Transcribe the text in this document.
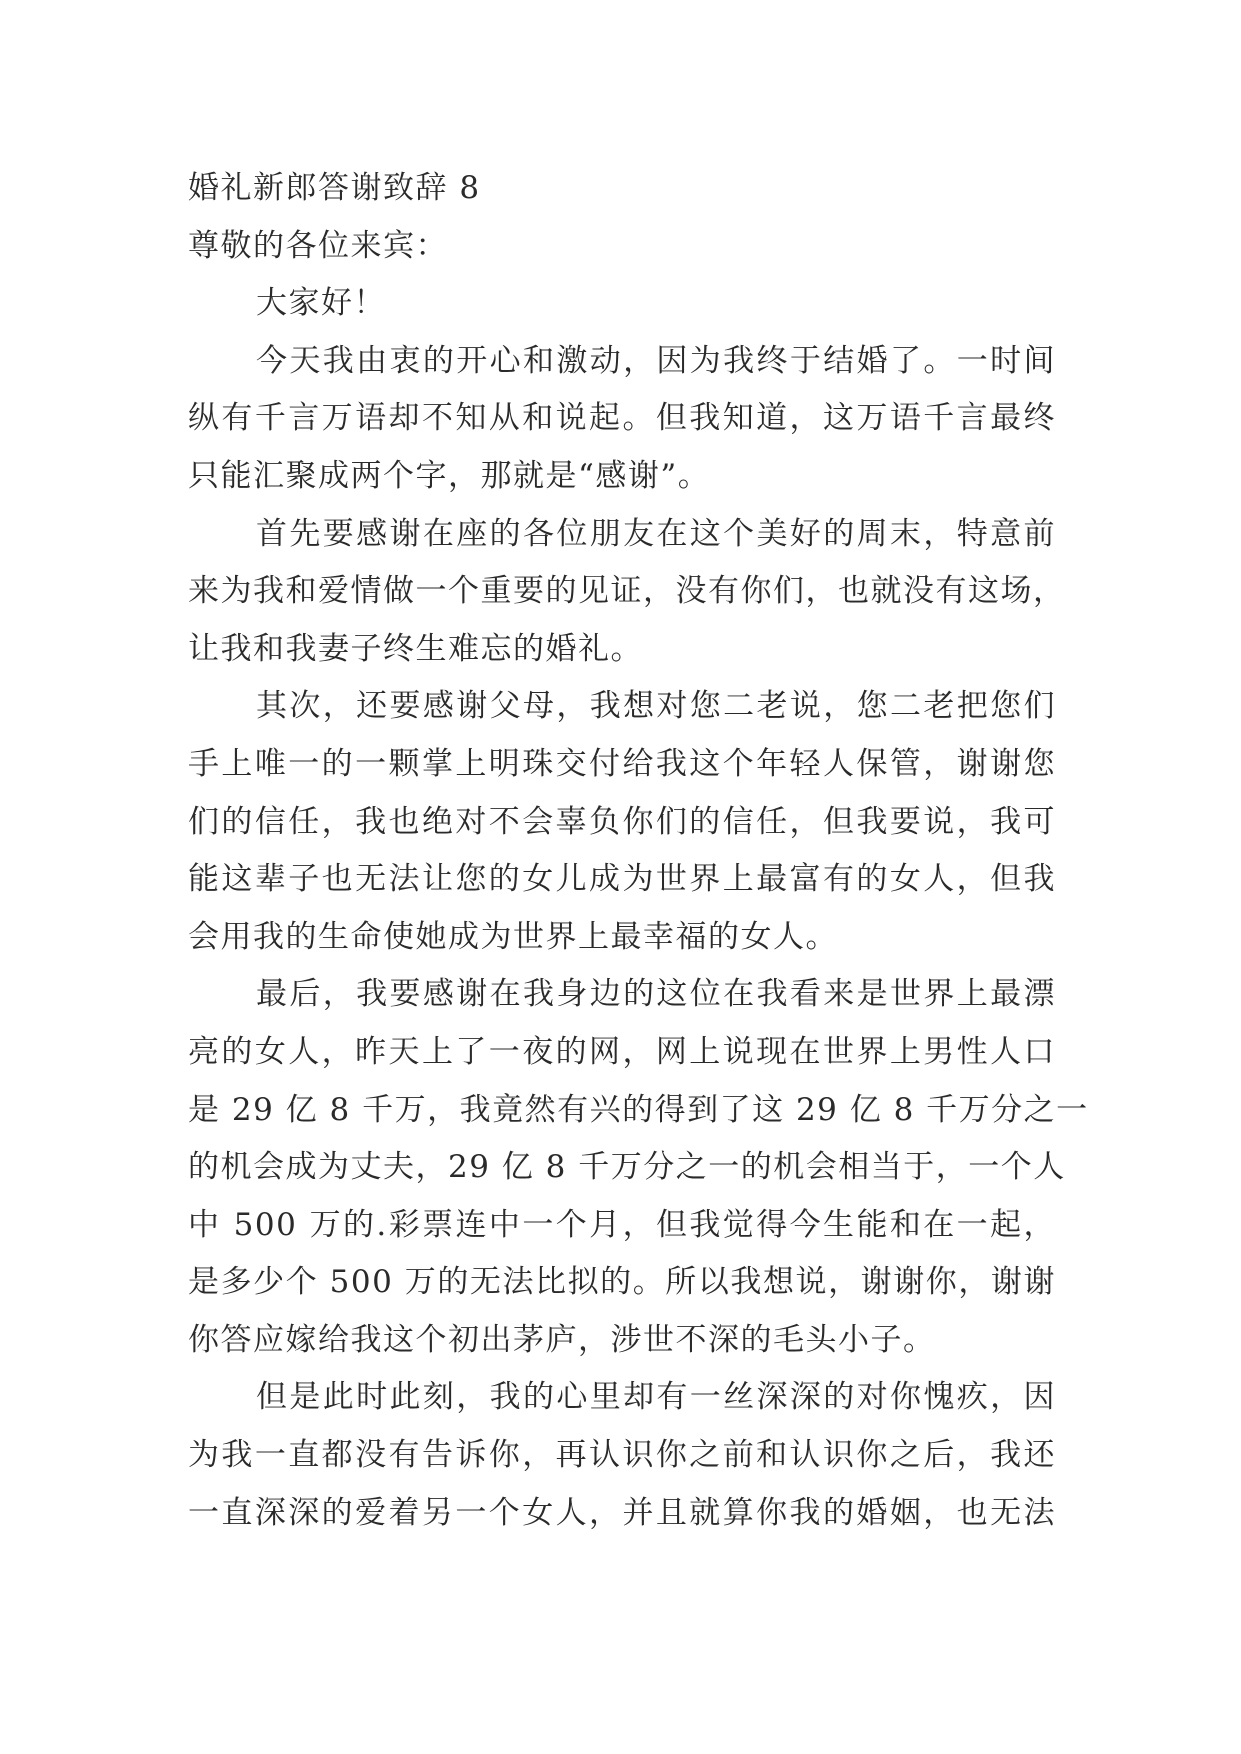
婚礼新郎答谢致辞 8
尊敬的各位来宾：
大家好！
今天我由衷的开心和激动，因为我终于结婚了。一时间
纵有千言万语却不知从和说起。但我知道，这万语千言最终
只能汇聚成两个字，那就是“感谢”。
首先要感谢在座的各位朋友在这个美好的周末，特意前
来为我和爱情做一个重要的见证，没有你们，也就没有这场，
让我和我妻子终生难忘的婚礼。
其次，还要感谢父母，我想对您二老说，您二老把您们
手上唯一的一颗掌上明珠交付给我这个年轻人保管，谢谢您
们的信任，我也绝对不会辜负你们的信任，但我要说，我可
能这辈子也无法让您的女儿成为世界上最富有的女人，但我
会用我的生命使她成为世界上最幸福的女人。
最后，我要感谢在我身边的这位在我看来是世界上最漂
亮的女人，昨天上了一夜的网，网上说现在世界上男性人口
是 29 亿 8 千万，我竟然有兴的得到了这 29 亿 8 千万分之一
的机会成为丈夫，29 亿 8 千万分之一的机会相当于，一个人
中 500 万的.彩票连中一个月，但我觉得今生能和在一起，
是多少个 500 万的无法比拟的。所以我想说，谢谢你，谢谢
你答应嫁给我这个初出茅庐，涉世不深的毛头小子。
但是此时此刻，我的心里却有一丝深深的对你愧疚，因
为我一直都没有告诉你，再认识你之前和认识你之后，我还
一直深深的爱着另一个女人，并且就算你我的婚姻，也无法
